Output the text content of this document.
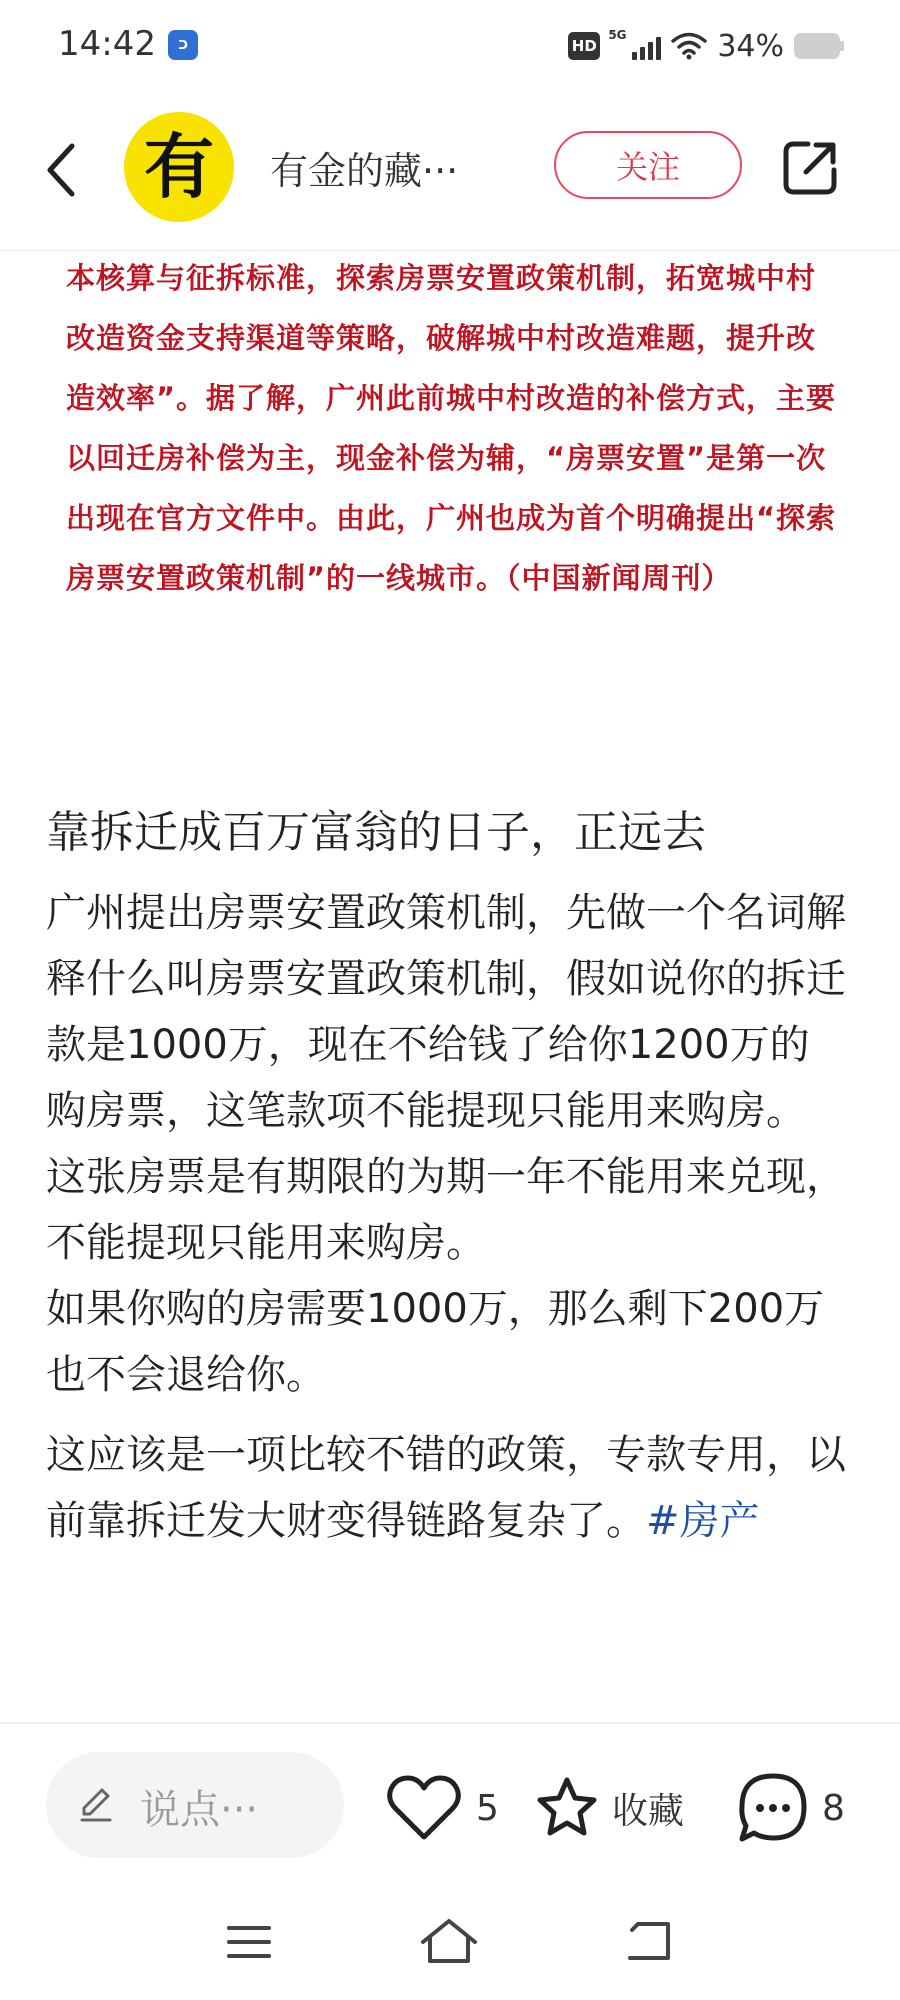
14:42	ᑐ	HD
5G	34%
有	有金的藏···	关注

本核算与征拆标准，探索房票安置政策机制，拓宽城中村改造资金支持渠道等策略，破解城中村改造难题，提升改造效率”。据了解，广州此前城中村改造的补偿方式，主要以回迁房补偿为主，现金补偿为辅，“房票安置”是第一次出现在官方文件中。由此，广州也成为首个明确提出“探索房票安置政策机制”的一线城市。（中国新闻周刊）

靠拆迁成百万富翁的日子，正远去

广州提出房票安置政策机制，先做一个名词解释什么叫房票安置政策机制，假如说你的拆迁款是1000万，现在不给钱了给你1200万的购房票，这笔款项不能提现只能用来购房。

这张房票是有期限的为期一年不能用来兑现，不能提现只能用来购房。

如果你购的房需要1000万，那么剩下200万也不会退给你。

这应该是一项比较不错的政策，专款专用，以前靠拆迁发大财变得链路复杂了。#房产

说点···	5	收藏	8
